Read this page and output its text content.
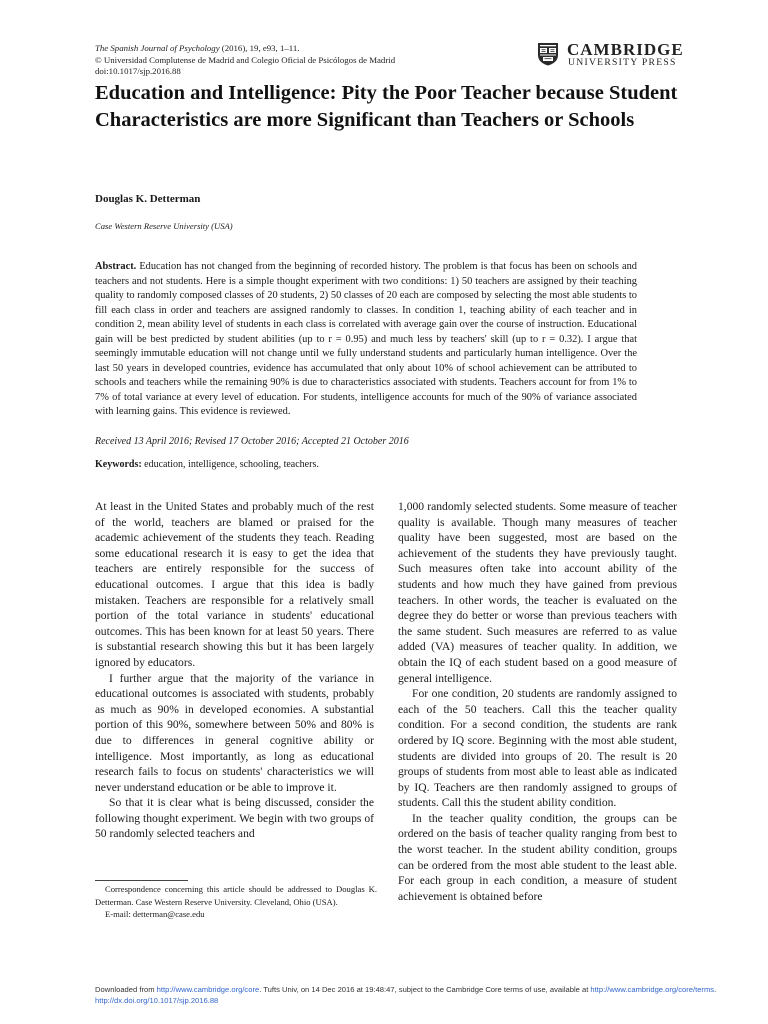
The Spanish Journal of Psychology (2016), 19, e93, 1–11.
© Universidad Complutense de Madrid and Colegio Oficial de Psicólogos de Madrid
doi:10.1017/sjp.2016.88
CAMBRIDGE
UNIVERSITY PRESS
Education and Intelligence: Pity the Poor Teacher because Student Characteristics are more Significant than Teachers or Schools
Douglas K. Detterman
Case Western Reserve University (USA)
Abstract. Education has not changed from the beginning of recorded history. The problem is that focus has been on schools and teachers and not students. Here is a simple thought experiment with two conditions: 1) 50 teachers are assigned by their teaching quality to randomly composed classes of 20 students, 2) 50 classes of 20 each are composed by selecting the most able students to fill each class in order and teachers are assigned randomly to classes. In condition 1, teaching ability of each teacher and in condition 2, mean ability level of students in each class is correlated with average gain over the course of instruction. Educational gain will be best predicted by student abilities (up to r = 0.95) and much less by teachers' skill (up to r = 0.32). I argue that seemingly immutable education will not change until we fully understand students and particularly human intelligence. Over the last 50 years in developed countries, evidence has accumulated that only about 10% of school achievement can be attributed to schools and teachers while the remaining 90% is due to characteristics associated with students. Teachers account for from 1% to 7% of total variance at every level of education. For students, intelligence accounts for much of the 90% of variance associated with learning gains. This evidence is reviewed.
Received 13 April 2016; Revised 17 October 2016; Accepted 21 October 2016
Keywords: education, intelligence, schooling, teachers.

At least in the United States and probably much of the rest of the world, teachers are blamed or praised for the academic achievement of the students they teach. Reading some educational research it is easy to get the idea that teachers are entirely responsible for the success of educational outcomes. I argue that this idea is badly mistaken. Teachers are responsible for a relatively small portion of the total variance in students' educational outcomes. This has been known for at least 50 years. There is substantial research showing this but it has been largely ignored by educators.

I further argue that the majority of the variance in educational outcomes is associated with students, probably as much as 90% in developed economies. A substantial portion of this 90%, somewhere between 50% and 80% is due to differences in general cognitive ability or intelligence. Most importantly, as long as educational research fails to focus on students' characteristics we will never understand education or be able to improve it.

So that it is clear what is being discussed, consider the following thought experiment. We begin with two groups of 50 randomly selected teachers and

1,000 randomly selected students. Some measure of teacher quality is available. Though many measures of teacher quality have been suggested, most are based on the achievement of the students they have previously taught. Such measures often take into account ability of the students and how much they have gained from previous teachers. In other words, the teacher is evaluated on the degree they do better or worse than previous teachers with the same student. Such measures are referred to as value added (VA) measures of teacher quality. In addition, we obtain the IQ of each student based on a good measure of general intelligence.

For one condition, 20 students are randomly assigned to each of the 50 teachers. Call this the teacher quality condition. For a second condition, the students are rank ordered by IQ score. Beginning with the most able student, students are divided into groups of 20. The result is 20 groups of students from most able to least able as indicated by IQ. Teachers are then randomly assigned to groups of students. Call this the student ability condition.

In the teacher quality condition, the groups can be ordered on the basis of teacher quality ranging from best to the worst teacher. In the student ability condition, groups can be ordered from the most able student to the least able. For each group in each condition, a measure of student achievement is obtained before

Correspondence concerning this article should be addressed to Douglas K. Detterman. Case Western Reserve University. Cleveland, Ohio (USA).

E-mail: detterman@case.edu

Downloaded from http://www.cambridge.org/core. Tufts Univ, on 14 Dec 2016 at 19:48:47, subject to the Cambridge Core terms of use, available at http://www.cambridge.org/core/terms.
http://dx.doi.org/10.1017/sjp.2016.88
